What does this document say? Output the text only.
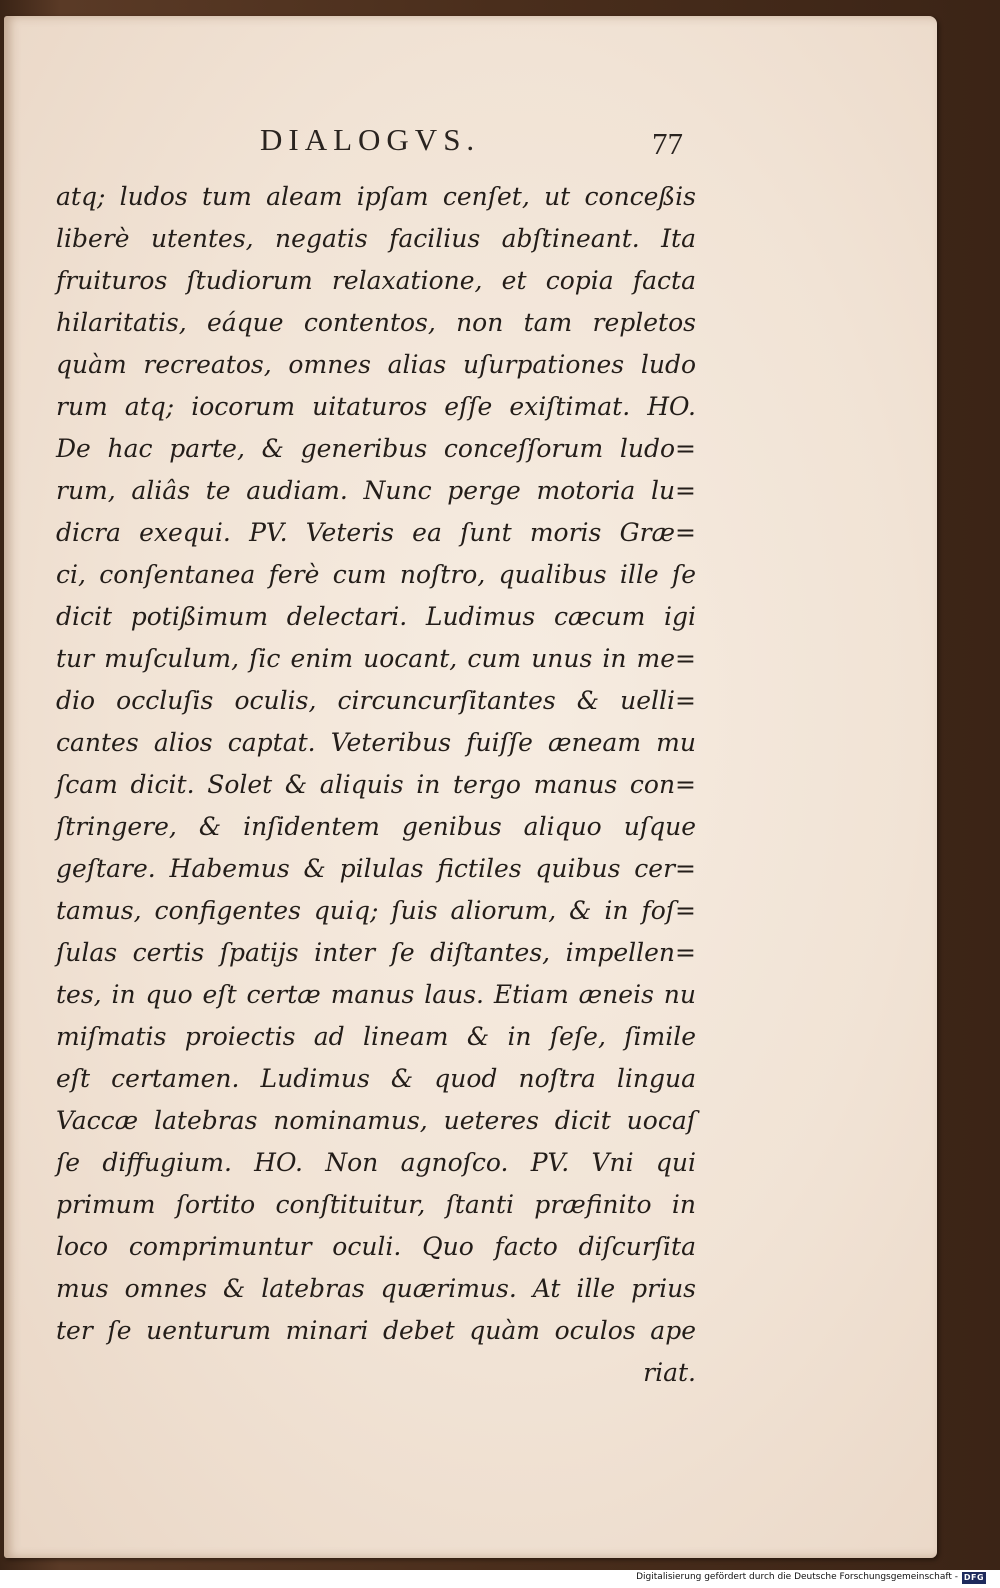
DIALOGVS.	77
atq; ludos tum aleam ipſam cenſet, ut conceßis
liberè utentes, negatis facilius abſtineant. Ita
fruituros ſtudiorum relaxatione, et copia facta
hilaritatis, eáque contentos, non tam repletos
quàm recreatos, omnes alias uſurpationes ludo
rum atq; iocorum uitaturos eſſe exiſtimat. HO.
De hac parte, & generibus conceſſorum ludo=
rum, aliâs te audiam. Nunc perge motoria lu=
dicra exequi. PV. Veteris ea ſunt moris Græ=
ci, conſentanea ferè cum noſtro, qualibus ille ſe
dicit potißimum delectari. Ludimus cæcum igi
tur muſculum, ſic enim uocant, cum unus in me=
dio occluſis oculis, circuncurſitantes & uelli=
cantes alios captat. Veteribus fuiſſe æneam mu
ſcam dicit. Solet & aliquis in tergo manus con=
ſtringere, & inſidentem genibus aliquo uſque
geſtare. Habemus & pilulas fictiles quibus cer=
tamus, configentes quiq; ſuis aliorum, & in foſ=
ſulas certis ſpatijs inter ſe diſtantes, impellen=
tes, in quo eſt certæ manus laus. Etiam æneis nu
miſmatis proiectis ad lineam & in ſeſe, ſimile
eſt certamen. Ludimus & quod noſtra lingua
Vaccæ latebras nominamus, ueteres dicit uocaſ
ſe diffugium. HO. Non agnoſco. PV. Vni qui
primum ſortito conſtituitur, ſtanti præfinito in
loco comprimuntur oculi. Quo facto diſcurſita
mus omnes & latebras quærimus. At ille prius
ter ſe uenturum minari debet quàm oculos ape
riat.
Digitalisierung gefördert durch die Deutsche Forschungsgemeinschaft - DFG
